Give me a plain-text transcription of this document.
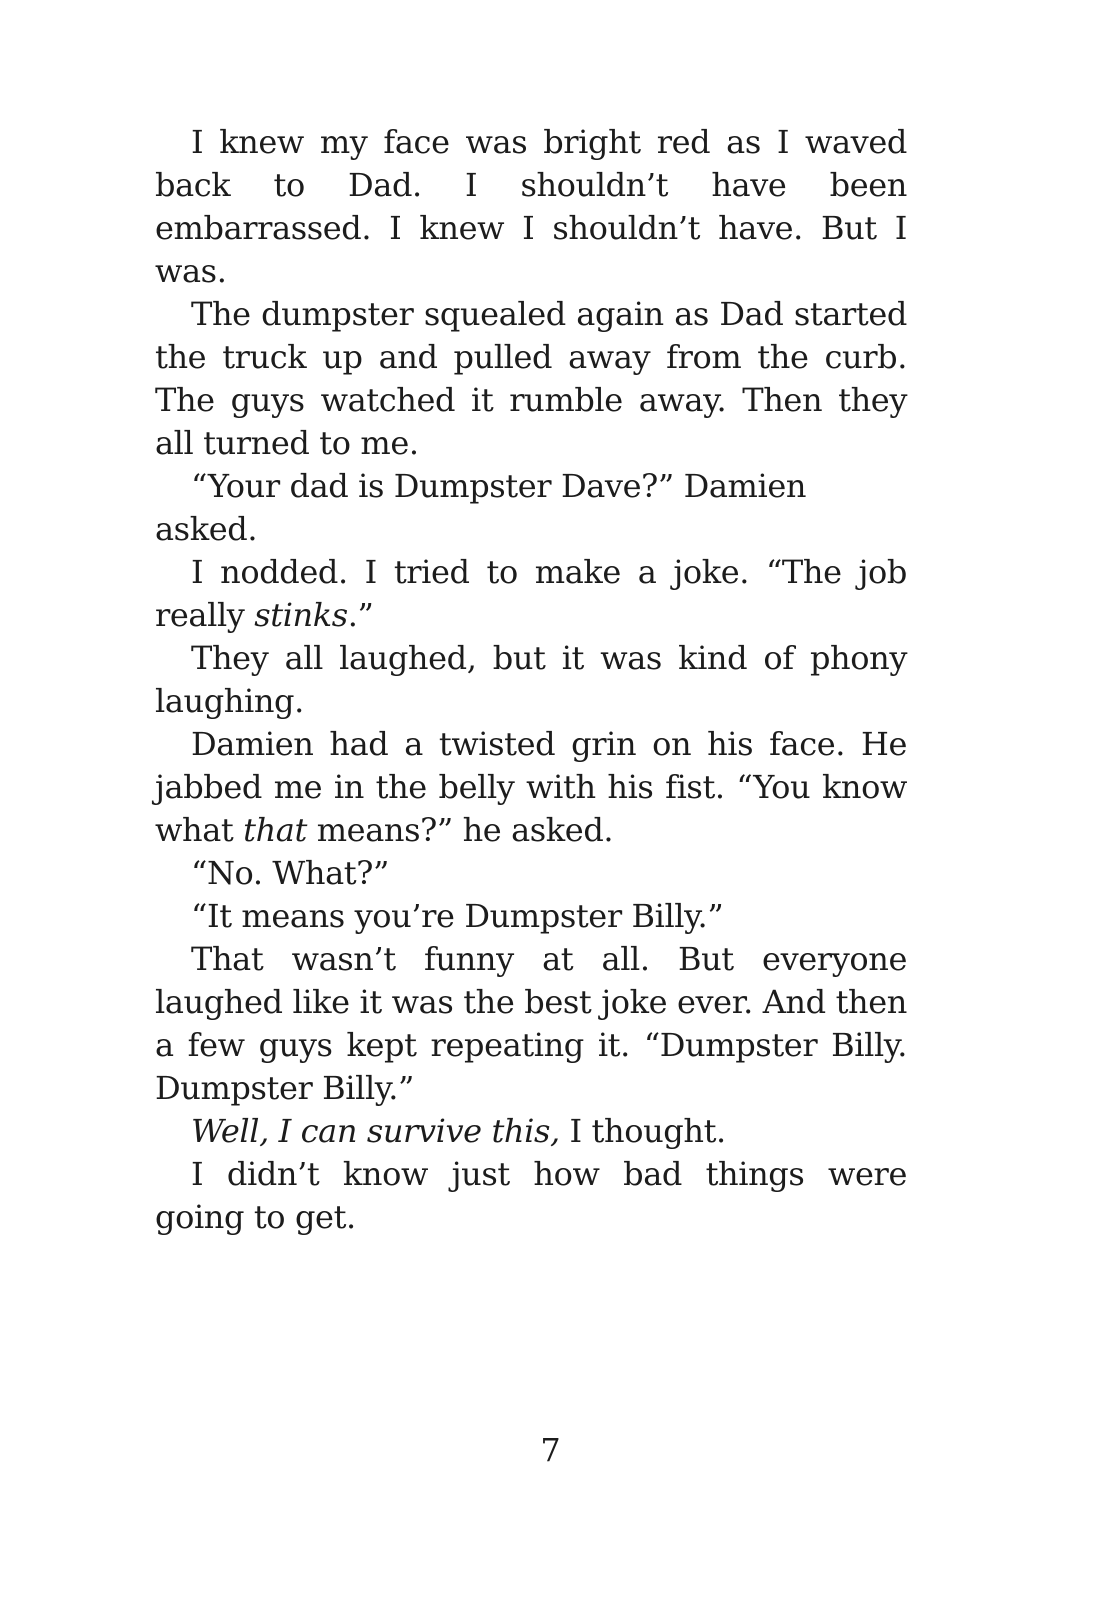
I knew my face was bright red as I waved back to Dad. I shouldn’t have been embarrassed. I knew I shouldn’t have. But I was.

The dumpster squealed again as Dad started the truck up and pulled away from the curb. The guys watched it rumble away. Then they all turned to me.

“Your dad is Dumpster Dave?” Damien asked.

I nodded. I tried to make a joke. “The job really stinks.”

They all laughed, but it was kind of phony laughing.

Damien had a twisted grin on his face. He jabbed me in the belly with his fist. “You know what that means?” he asked.

“No. What?”

“It means you’re Dumpster Billy.”

That wasn’t funny at all. But everyone laughed like it was the best joke ever. And then a few guys kept repeating it. “Dumpster Billy. Dumpster Billy.”

Well, I can survive this, I thought.

I didn’t know just how bad things were going to get.

7
